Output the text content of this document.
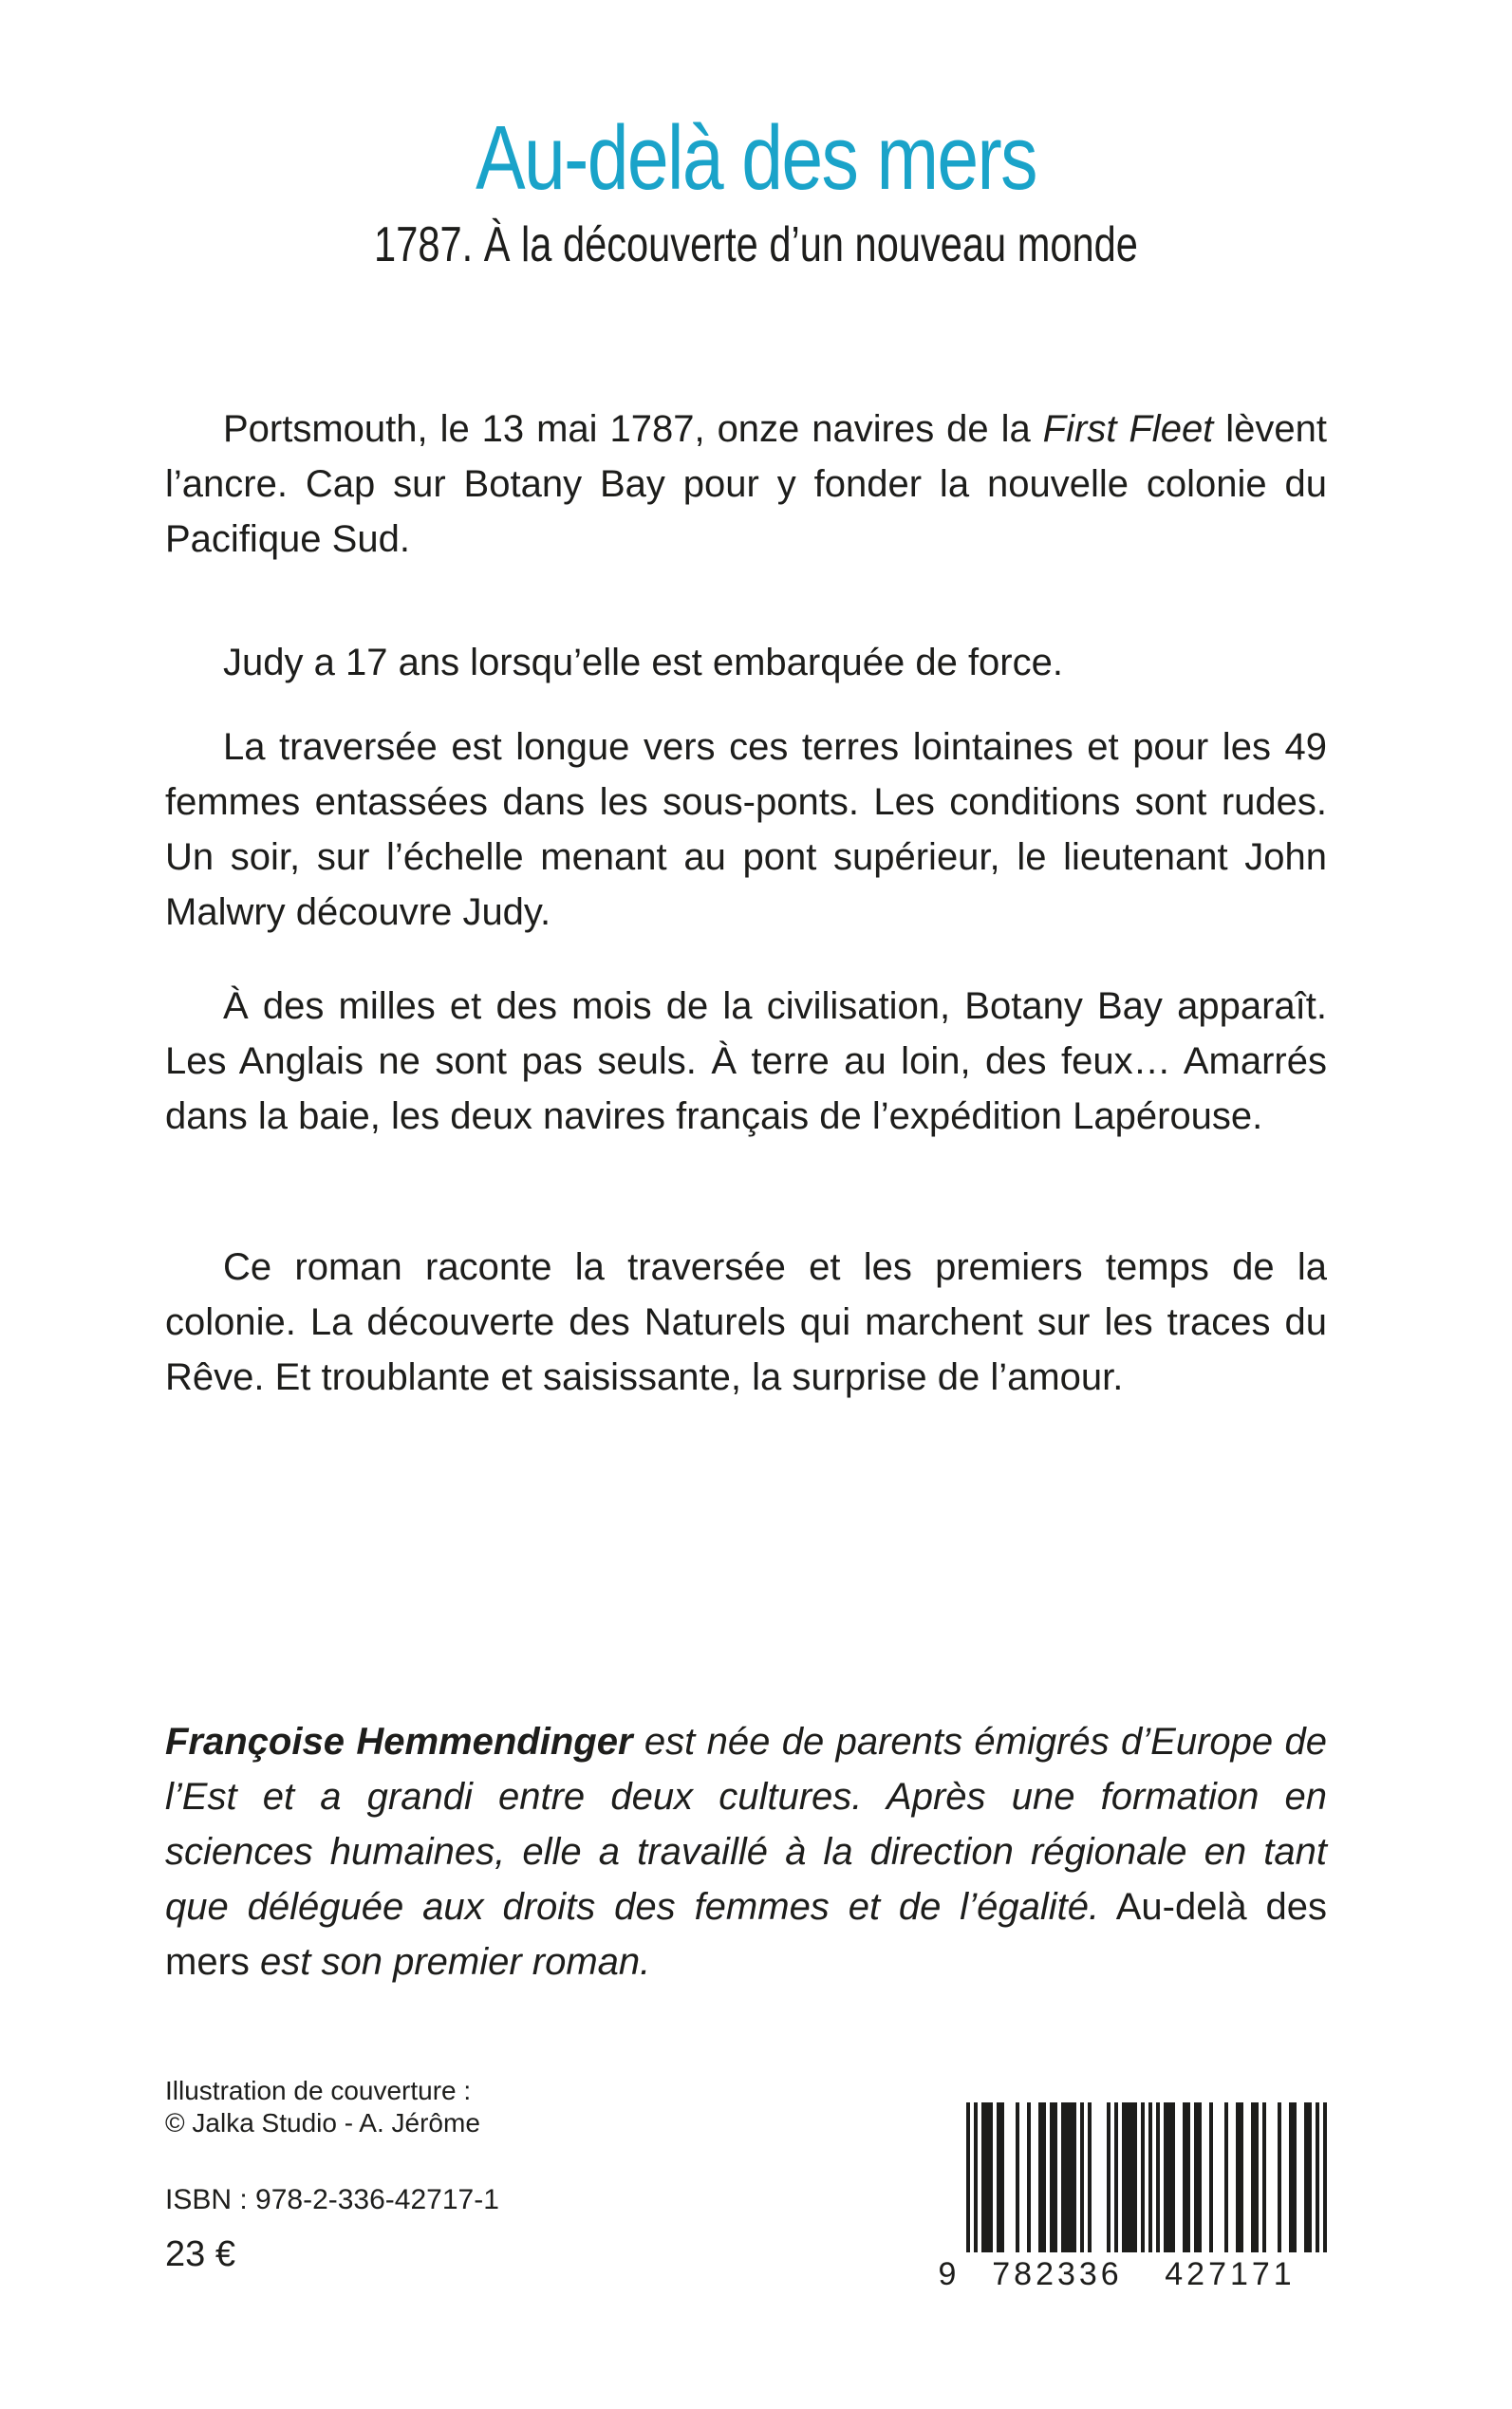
Au-delà des mers
1787. À la découverte d’un nouveau monde

Portsmouth, le 13 mai 1787, onze navires de la First Fleet lèvent l’ancre. Cap sur Botany Bay pour y fonder la nouvelle colonie du Pacifique Sud.

Judy a 17 ans lorsqu’elle est embarquée de force.

La traversée est longue vers ces terres lointaines et pour les 49 femmes entassées dans les sous-ponts. Les conditions sont rudes. Un soir, sur l’échelle menant au pont supérieur, le lieutenant John Malwry découvre Judy.

À des milles et des mois de la civilisation, Botany Bay apparaît. Les Anglais ne sont pas seuls. À terre au loin, des feux… Amarrés dans la baie, les deux navires français de l’expédition Lapérouse.

Ce roman raconte la traversée et les premiers temps de la colonie. La découverte des Naturels qui marchent sur les traces du Rêve. Et troublante et saisissante, la surprise de l’amour.

Françoise Hemmendinger est née de parents émigrés d’Europe de l’Est et a grandi entre deux cultures. Après une formation en sciences humaines, elle a travaillé à la direction régionale en tant que déléguée aux droits des femmes et de l’égalité. Au-delà des mers est son premier roman.
Illustration de couverture :
© Jalka Studio - A. Jérôme
ISBN : 978-2-336-42717-1
23 €	9 782336 427171
